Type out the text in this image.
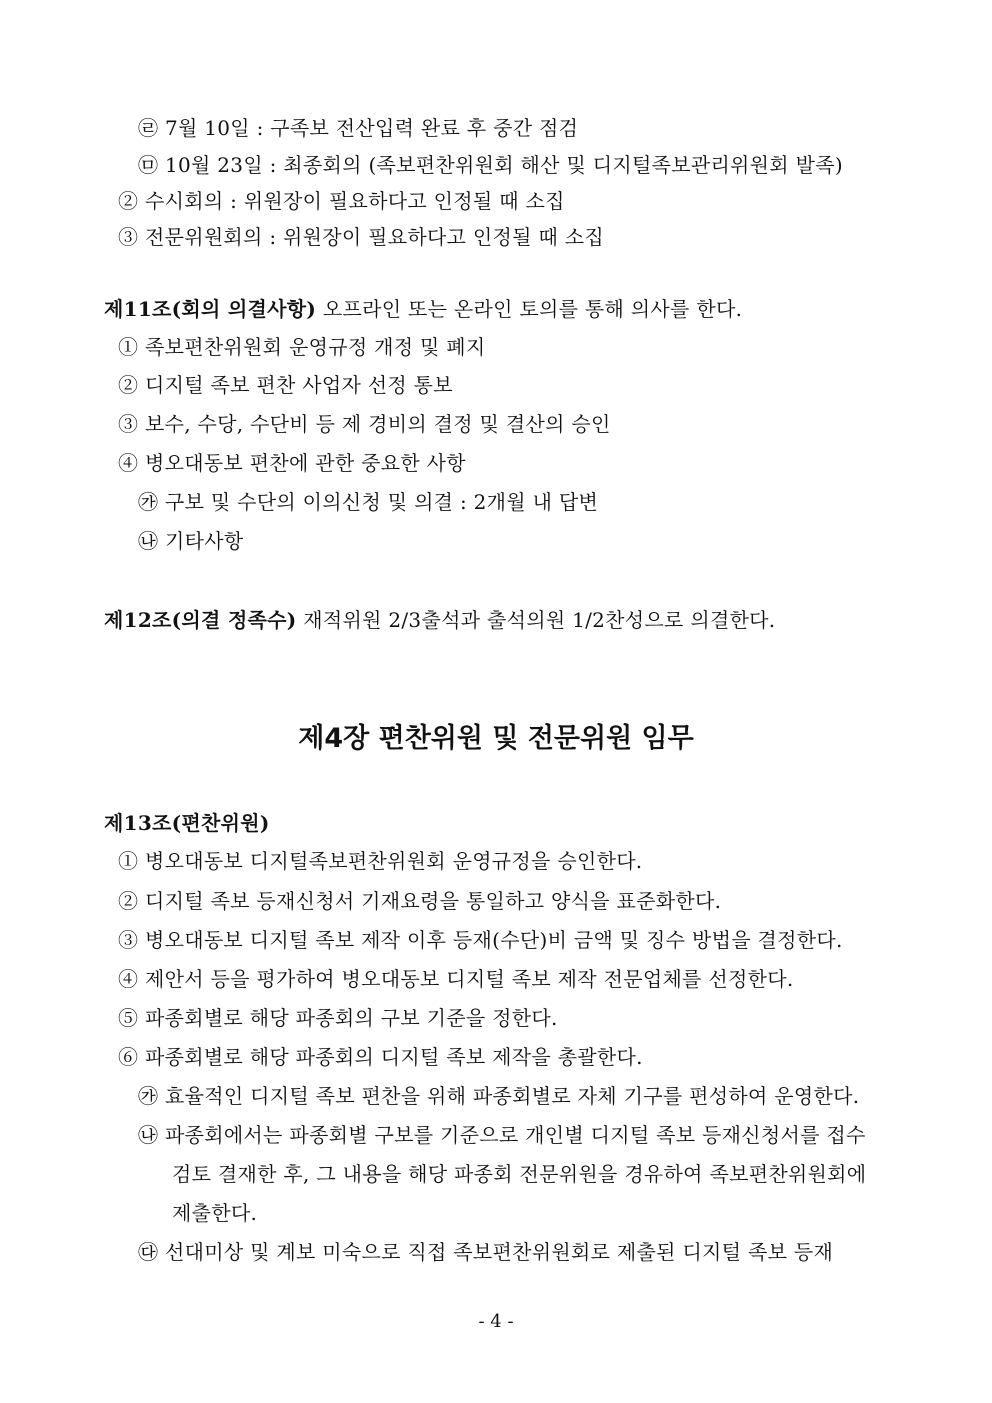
㉣ 7월 10일 : 구족보 전산입력 완료 후 중간 점검
㉤ 10월 23일 : 최종회의 (족보편찬위원회 해산 및 디지털족보관리위원회 발족)
② 수시회의 : 위원장이 필요하다고 인정될 때 소집
③ 전문위원회의 : 위원장이 필요하다고 인정될 때 소집
제11조(회의 의결사항) 오프라인 또는 온라인 토의를 통해 의사를 한다.
① 족보편찬위원회 운영규정 개정 및 폐지
② 디지털 족보 편찬 사업자 선정 통보
③ 보수, 수당, 수단비 등 제 경비의 결정 및 결산의 승인
④ 병오대동보 편찬에 관한 중요한 사항
㉮ 구보 및 수단의 이의신청 및 의결 : 2개월 내 답변
㉯ 기타사항
제12조(의결 정족수) 재적위원 2/3출석과 출석의원 1/2찬성으로 의결한다.
제4장 편찬위원 및 전문위원 임무
제13조(편찬위원)
① 병오대동보 디지털족보편찬위원회 운영규정을 승인한다.
② 디지털 족보 등재신청서 기재요령을 통일하고 양식을 표준화한다.
③ 병오대동보 디지털 족보 제작 이후 등재(수단)비 금액 및 징수 방법을 결정한다.
④ 제안서 등을 평가하여 병오대동보 디지털 족보 제작 전문업체를 선정한다.
⑤ 파종회별로 해당 파종회의 구보 기준을 정한다.
⑥ 파종회별로 해당 파종회의 디지털 족보 제작을 총괄한다.
㉮ 효율적인 디지털 족보 편찬을 위해 파종회별로 자체 기구를 편성하여 운영한다.
㉯ 파종회에서는 파종회별 구보를 기준으로 개인별 디지털 족보 등재신청서를 접수
검토 결재한 후, 그 내용을 해당 파종회 전문위원을 경유하여 족보편찬위원회에
제출한다.
㉰ 선대미상 및 계보 미숙으로 직접 족보편찬위원회로 제출된 디지털 족보 등재
- 4 -
